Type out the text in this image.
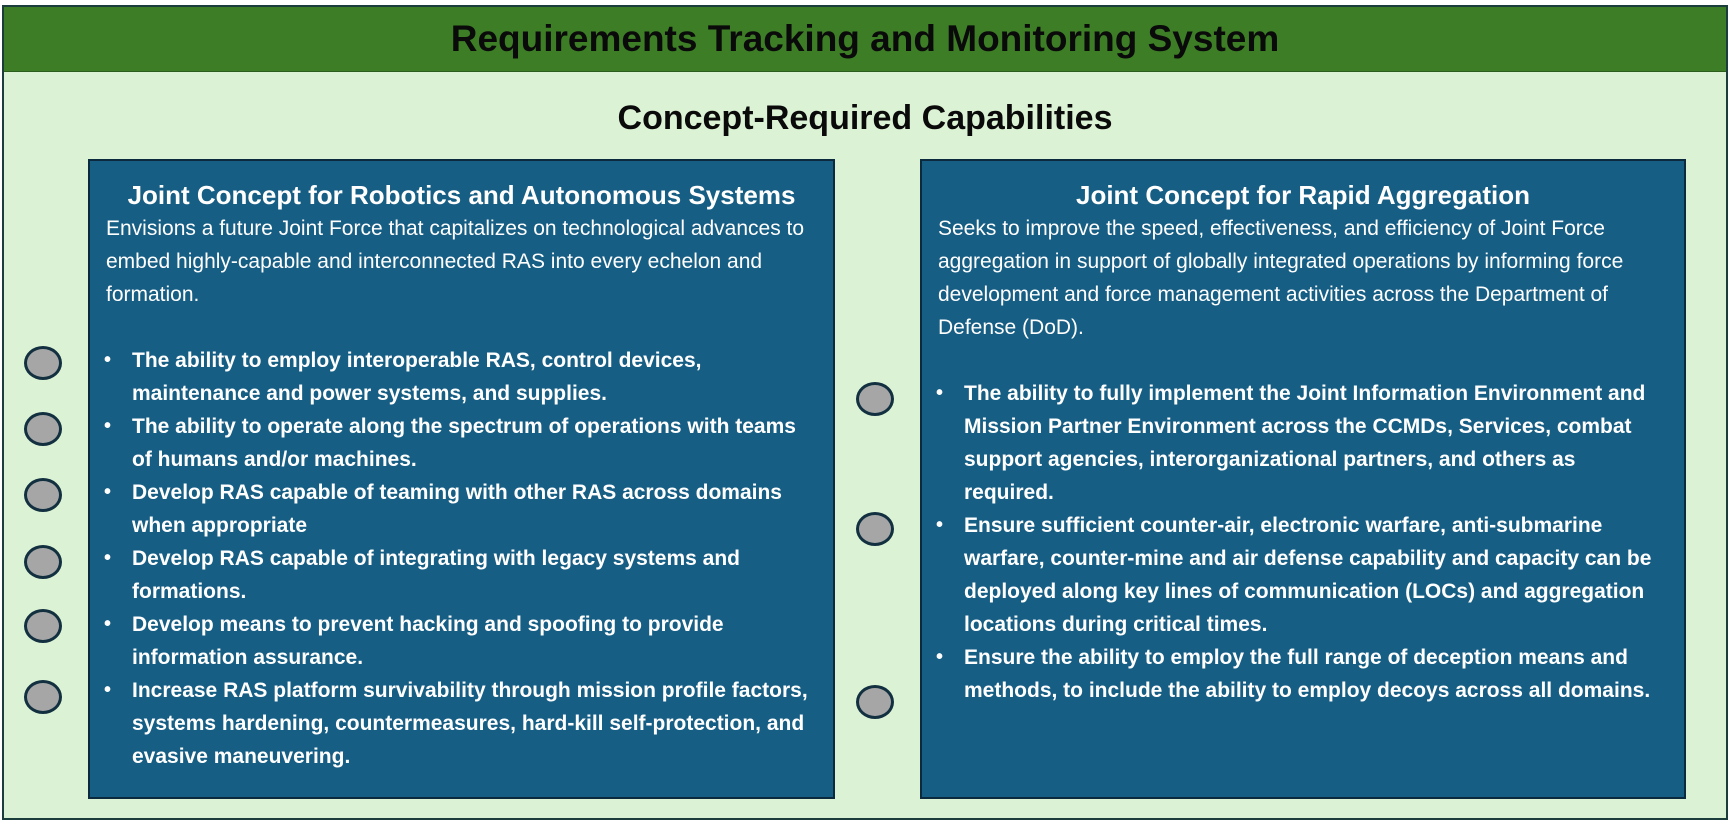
Requirements Tracking and Monitoring System
Concept-Required Capabilities
Joint Concept for Robotics and Autonomous Systems
Envisions a future Joint Force that capitalizes on technological advances to embed highly-capable and interconnected RAS into every echelon and formation.
• The ability to employ interoperable RAS, control devices, maintenance and power systems, and supplies.
• The ability to operate along the spectrum of operations with teams of humans and/or machines.
• Develop RAS capable of teaming with other RAS across domains when appropriate
• Develop RAS capable of integrating with legacy systems and formations.
• Develop means to prevent hacking and spoofing to provide information assurance.
• Increase RAS platform survivability through mission profile factors, systems hardening, countermeasures, hard-kill self-protection, and evasive maneuvering.
Joint Concept for Rapid Aggregation
Seeks to improve the speed, effectiveness, and efficiency of Joint Force aggregation in support of globally integrated operations by informing force development and force management activities across the Department of Defense (DoD).
• The ability to fully implement the Joint Information Environment and Mission Partner Environment across the CCMDs, Services, combat support agencies, interorganizational partners, and others as required.
• Ensure sufficient counter-air, electronic warfare, anti-submarine warfare, counter-mine and air defense capability and capacity can be deployed along key lines of communication (LOCs) and aggregation locations during critical times.
• Ensure the ability to employ the full range of deception means and methods, to include the ability to employ decoys across all domains.
